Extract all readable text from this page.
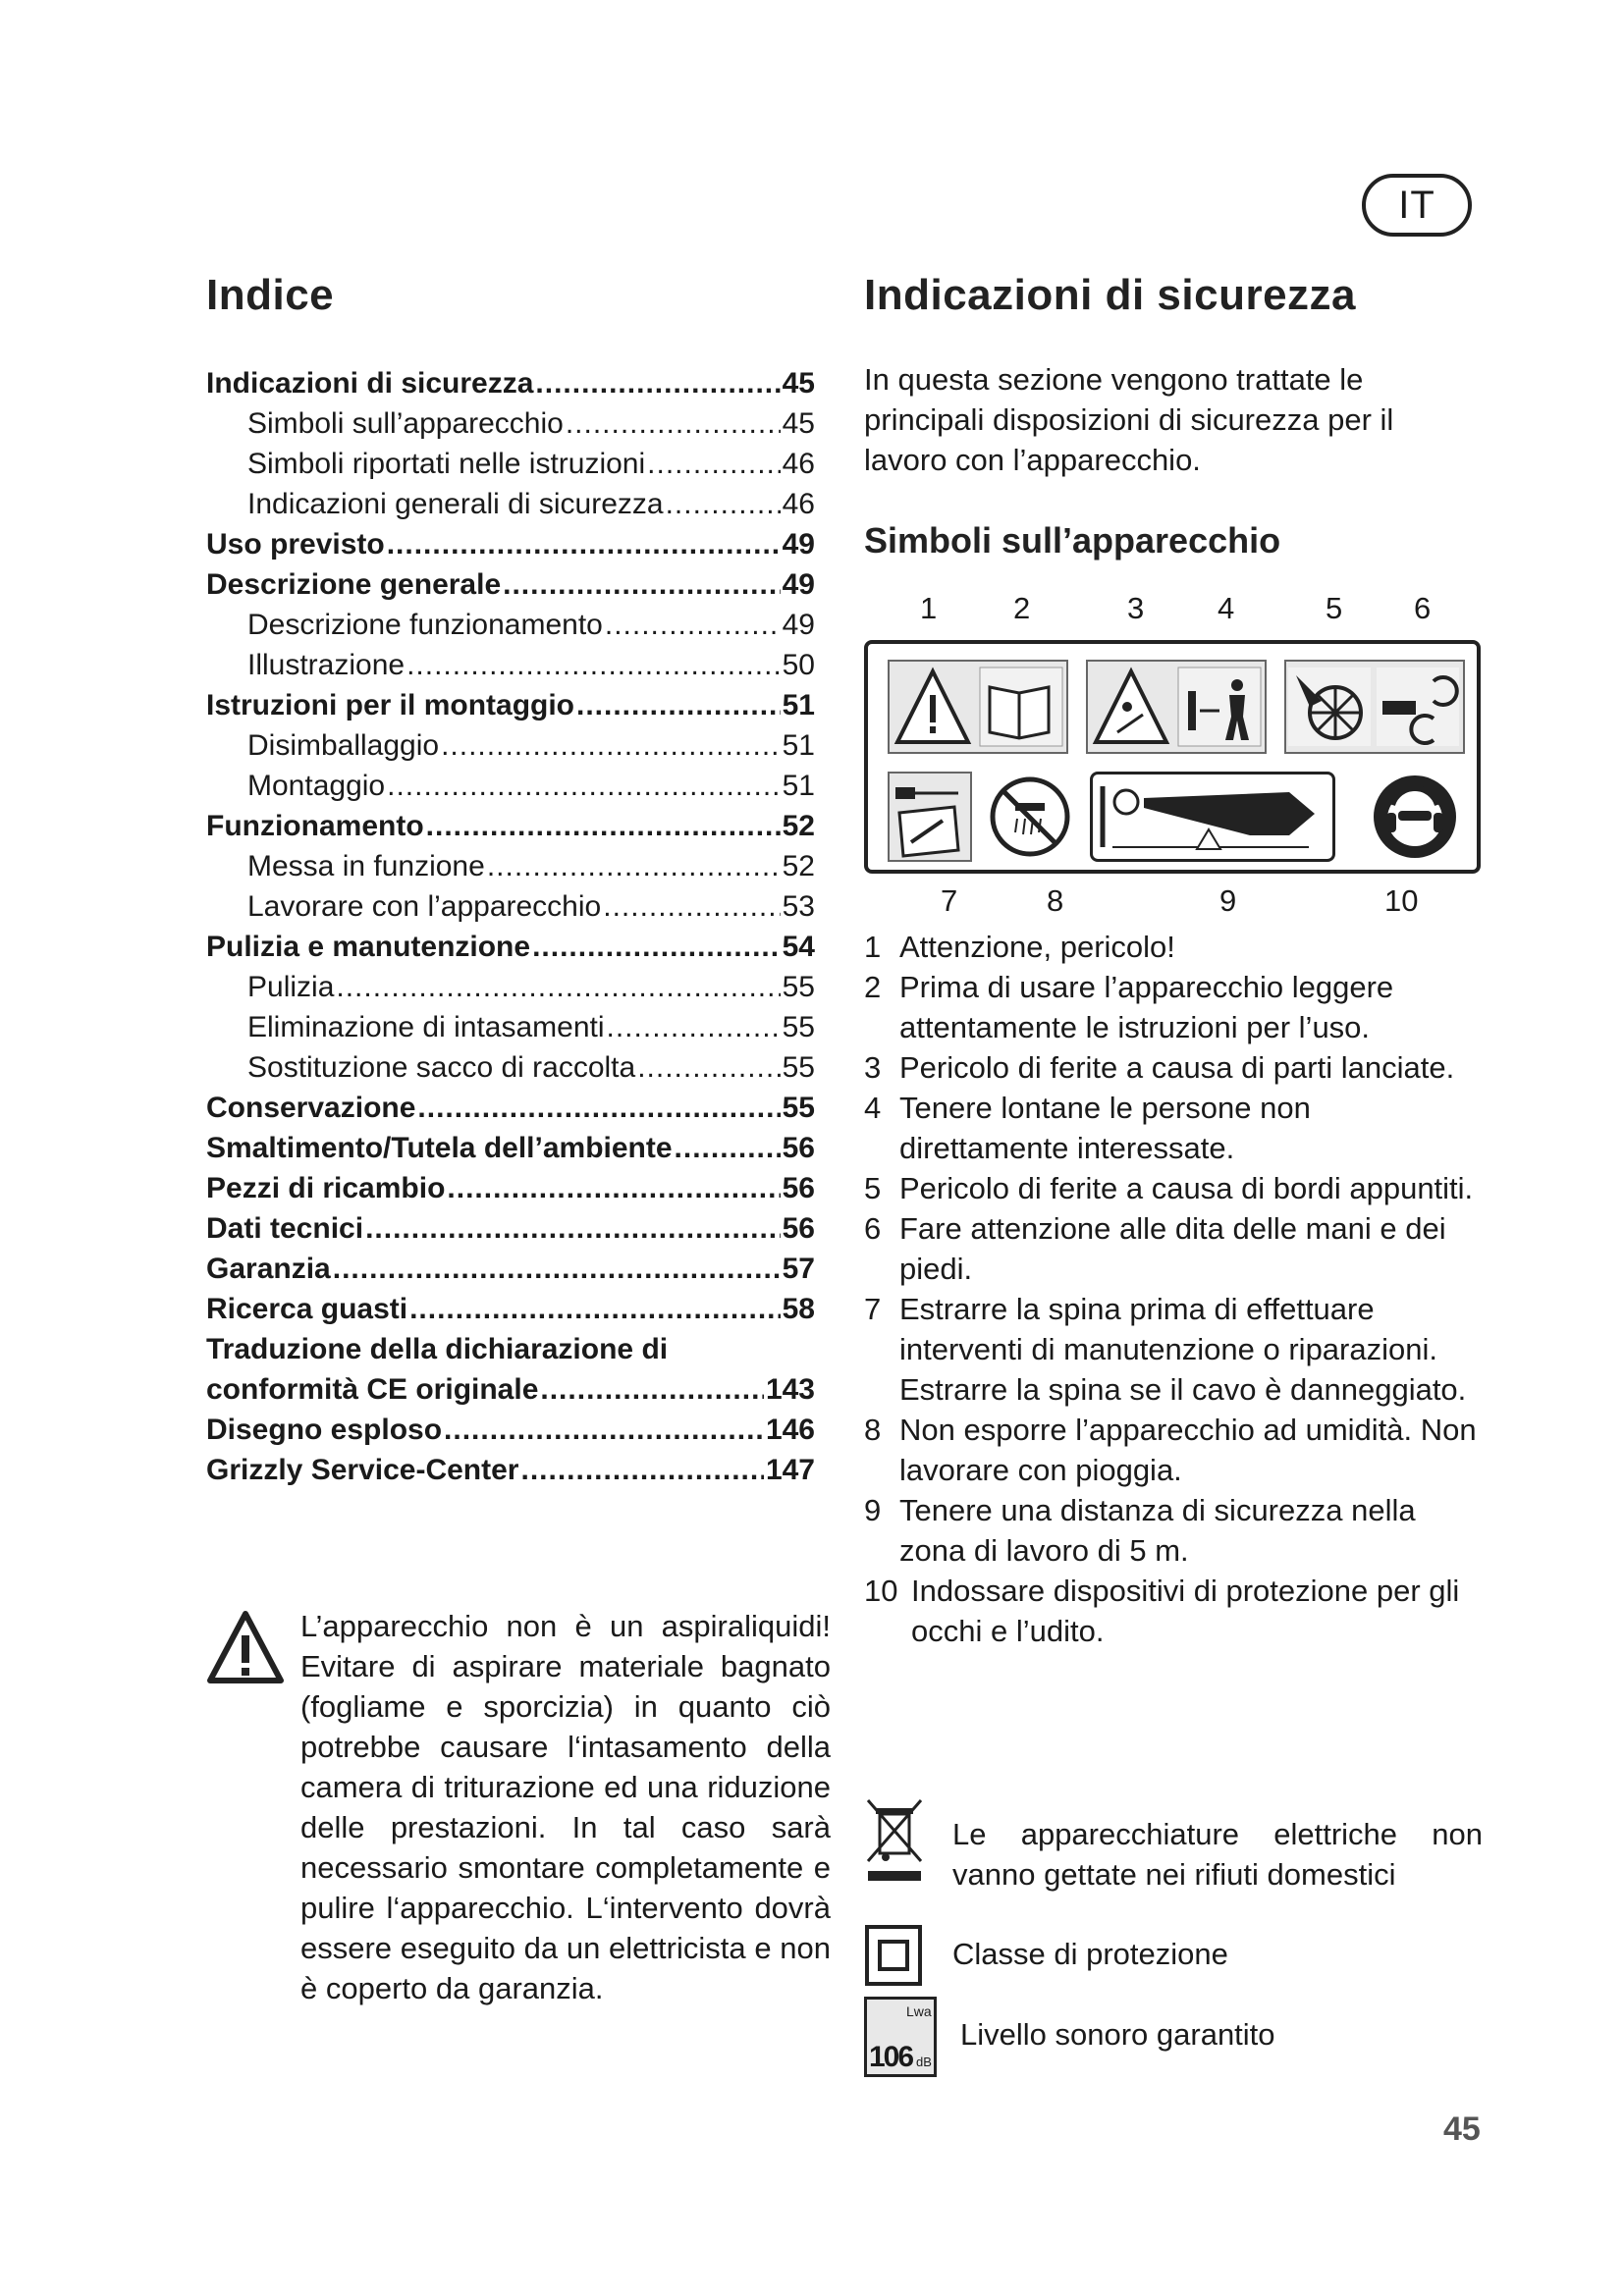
IT
Indice	Indicazioni di sicurezza
Indicazioni di sicurezza .....	45
Simboli sull’apparecchio .....	45
Simboli riportati nelle istruzioni .....	46
Indicazioni generali di sicurezza .....	46
Uso previsto .....	49
Descrizione generale .....	49
Descrizione funzionamento .....	49
Illustrazione .....	50
Istruzioni per il montaggio .....	51
Disimballaggio .....	51
Montaggio .....	51
Funzionamento .....	52
Messa in funzione .....	52
Lavorare con l’apparecchio .....	53
Pulizia e manutenzione .....	54
Pulizia .....	55
Eliminazione di intasamenti .....	55
Sostituzione sacco di raccolta .....	55
Conservazione .....	55
Smaltimento/Tutela dell’ambiente .....	56
Pezzi di ricambio .....	56
Dati tecnici .....	56
Garanzia .....	57
Ricerca guasti .....	58
Traduzione della dichiarazione di
conformità CE originale .....	143
Disegno esploso .....	146
Grizzly Service-Center .....	147
L’apparecchio non è un aspiraliquidi! Evitare di aspirare materiale bagnato (fogliame e sporcizia) in quanto ciò potrebbe causare l‘intasamento della camera di triturazione ed una riduzione delle prestazioni. In tal caso sarà necessario smontare completamente e pulire l‘apparecchio. L‘intervento dovrà essere eseguito da un elettricista e non è coperto da garanzia.
In questa sezione vengono trattate le principali disposizioni di sicurezza per il lavoro con l’apparecchio.
Simboli sull’apparecchio
1	2	3 4	5 6
7	8	9	10
1 Attenzione, pericolo!
2 Prima di usare l’apparecchio leggere attentamente le istruzioni per l’uso.
3 Pericolo di ferite a causa di parti lanciate.
4 Tenere lontane le persone non direttamente interessate.
5 Pericolo di ferite a causa di bordi appuntiti.
6 Fare attenzione alle dita delle mani e dei piedi.
7 Estrarre la spina prima di effettuare interventi di manutenzione o riparazioni. Estrarre la spina se il cavo è danneggiato.
8 Non esporre l’apparecchio ad umidità. Non lavorare con pioggia.
9 Tenere una distanza di sicurezza nella zona di lavoro di 5 m.
10 Indossare dispositivi di protezione per gli occhi e l’udito.
Le apparecchiature elettriche non vanno gettate nei rifiuti domestici
Classe di protezione
Lwa
106 dB
Livello sonoro garantito
45
